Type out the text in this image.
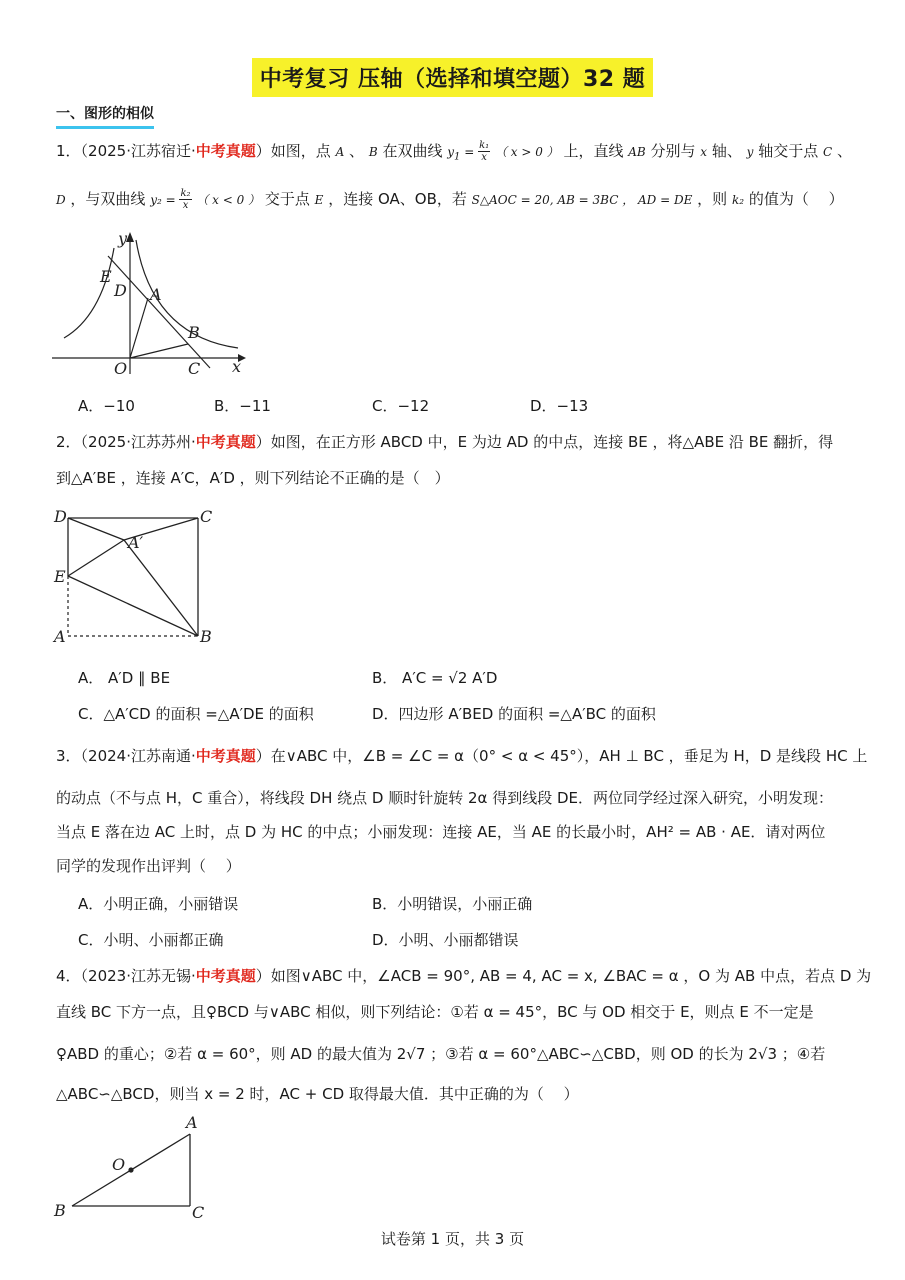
中考复习 压轴（选择和填空题）32 题
一、图形的相似
1．（2025·江苏宿迁·中考真题）如图，点 A 、 B 在双曲线 $y_1 = \frac{\text{k₁}}{x}$ （ x > 0 ） 上，直线 AB 分别与 x 轴、 y 轴交于点 C 、
D ，与双曲线 $y_2 = \frac{\text{k₂}}{x}$ （ x < 0 ） 交于点 E ，连接 OA、OB，若 S△AOC = 20, AB = 3BC ， AD = DE ，则 k₂ 的值为（　 ）
y
x
E
D A
B
O	C
A．−10	B．−11	C．−12	D．−13
2．（2025·江苏苏州·中考真题）如图，在正方形 ABCD 中，E 为边 AD 的中点，连接 BE ，将△ABE 沿 BE 翻折，得
到△A′BE ，连接 A′C，A′D ，则下列结论不正确的是（　）
D	C
A′
E
A	B
A． A′D ∥ BE	B． A′C = √2 A′D
C．△A′CD 的面积 =△A′DE 的面积	D．四边形 A′BED 的面积 =△A′BC 的面积
3．（2024·江苏南通·中考真题）在∨ABC 中，∠B = ∠C = α（0° < α < 45°），AH ⊥ BC ，垂足为 H，D 是线段 HC 上
的动点（不与点 H，C 重合），将线段 DH 绕点 D 顺时针旋转 2α 得到线段 DE．两位同学经过深入研究，小明发现：
当点 E 落在边 AC 上时，点 D 为 HC 的中点；小丽发现：连接 AE，当 AE 的长最小时，AH² = AB · AE．请对两位
同学的发现作出评判（　 ）
A．小明正确，小丽错误	B．小明错误，小丽正确
C．小明、小丽都正确	D．小明、小丽都错误
4．（2023·江苏无锡·中考真题）如图∨ABC 中，∠ACB = 90°, AB = 4, AC = x, ∠BAC = α ，O 为 AB 中点，若点 D 为
直线 BC 下方一点，且♀BCD 与∨ABC 相似，则下列结论：①若 α = 45°，BC 与 OD 相交于 E，则点 E 不一定是
♀ABD 的重心；②若 α = 60°，则 AD 的最大值为 2√7 ；③若 α = 60°△ABC∽△CBD，则 OD 的长为 2√3 ；④若
△ABC∽△BCD，则当 x = 2 时，AC + CD 取得最大值．其中正确的为（　 ）
A
O
B	C
试卷第 1 页，共 3 页
